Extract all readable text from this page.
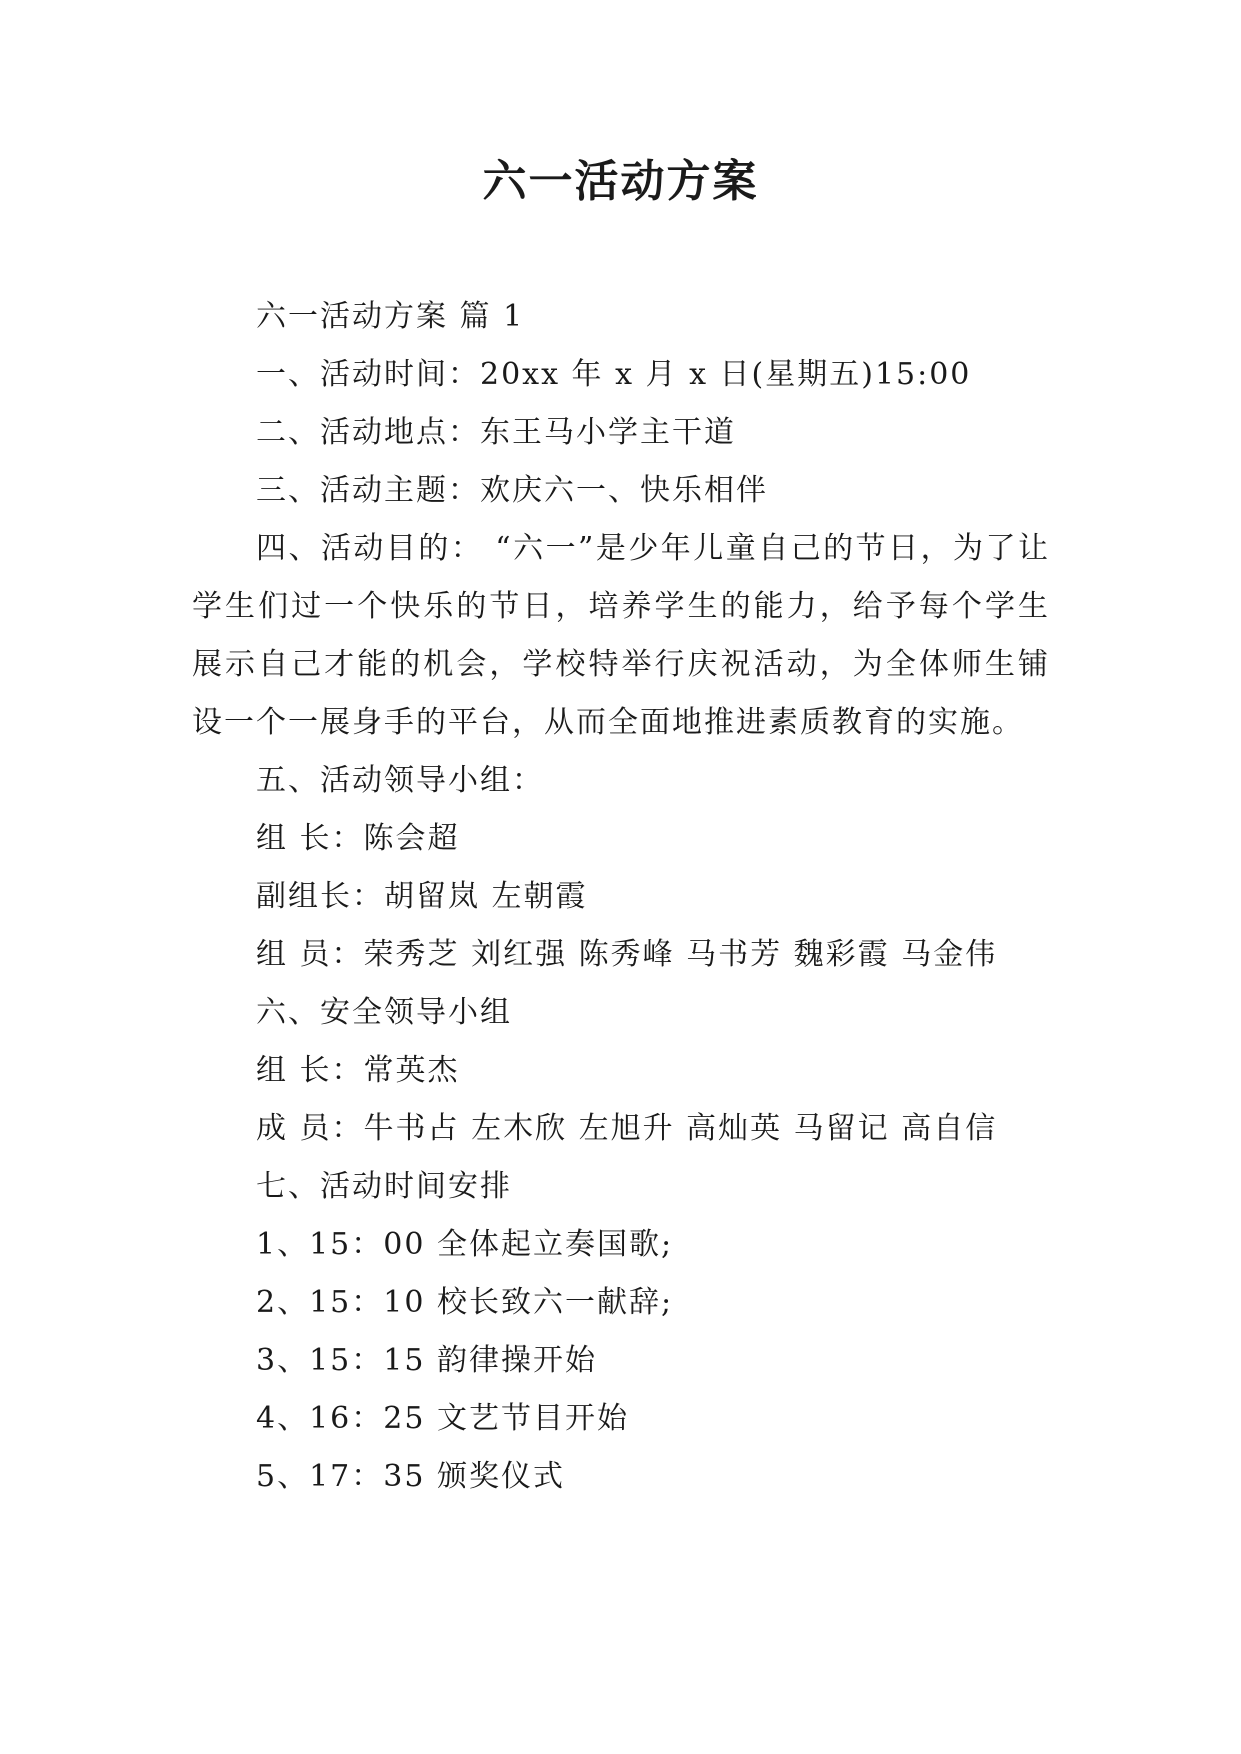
六一活动方案

六一活动方案 篇 1

一、活动时间：20xx 年 x 月 x 日(星期五)15:00

二、活动地点：东王马小学主干道

三、活动主题：欢庆六一、快乐相伴

四、活动目的： “六一”是少年儿童自己的节日，为了让学生们过一个快乐的节日，培养学生的能力，给予每个学生展示自己才能的机会，学校特举行庆祝活动，为全体师生铺设一个一展身手的平台，从而全面地推进素质教育的实施。

五、活动领导小组：

组 长：陈会超

副组长：胡留岚 左朝霞

组 员：荣秀芝 刘红强 陈秀峰 马书芳 魏彩霞 马金伟

六、安全领导小组

组 长：常英杰

成 员：牛书占 左木欣 左旭升 高灿英 马留记 高自信

七、活动时间安排

1、15：00 全体起立奏国歌;

2、15：10 校长致六一献辞;

3、15：15 韵律操开始

4、16：25 文艺节目开始

5、17：35 颁奖仪式
